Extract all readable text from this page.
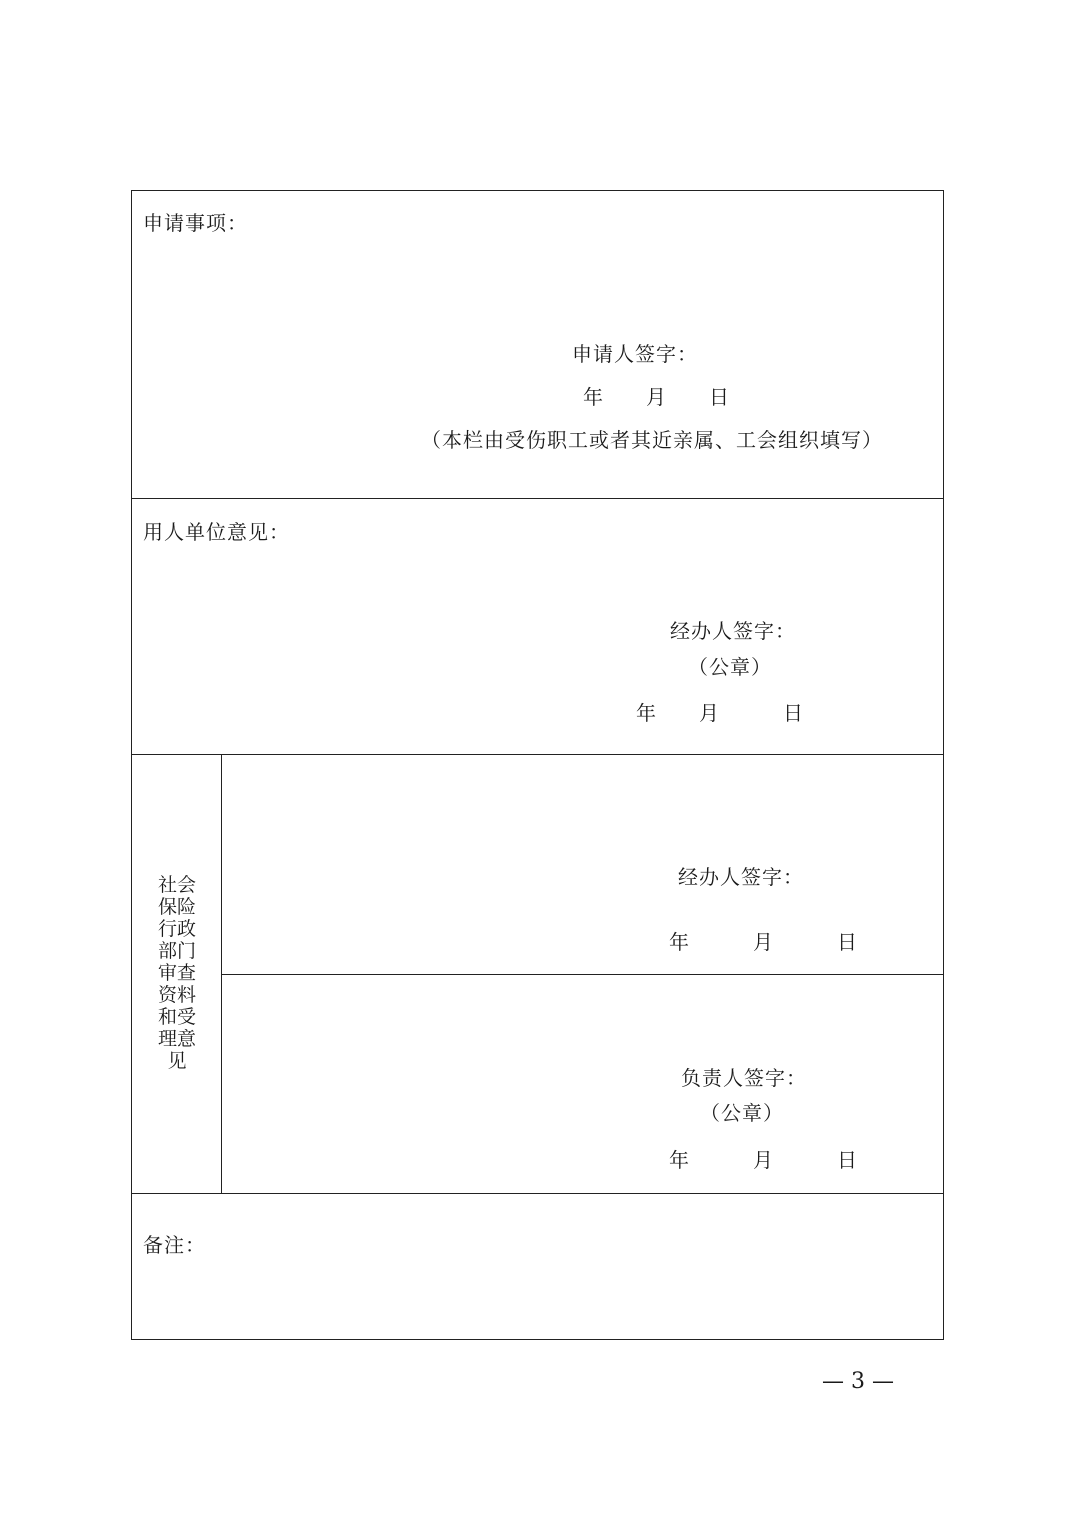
申请事项：
申请人签字：
年　　月　　日
（本栏由受伤职工或者其近亲属、工会组织填写）
用人单位意见：
经办人签字：
（公章）
年　　月　　　日
社会
保险
行政
部门
审查
资料
和受
理意
见
经办人签字：
年　　　月　　　日
负责人签字：
（公章）
年　　　月　　　日
备注：
— 3 —
